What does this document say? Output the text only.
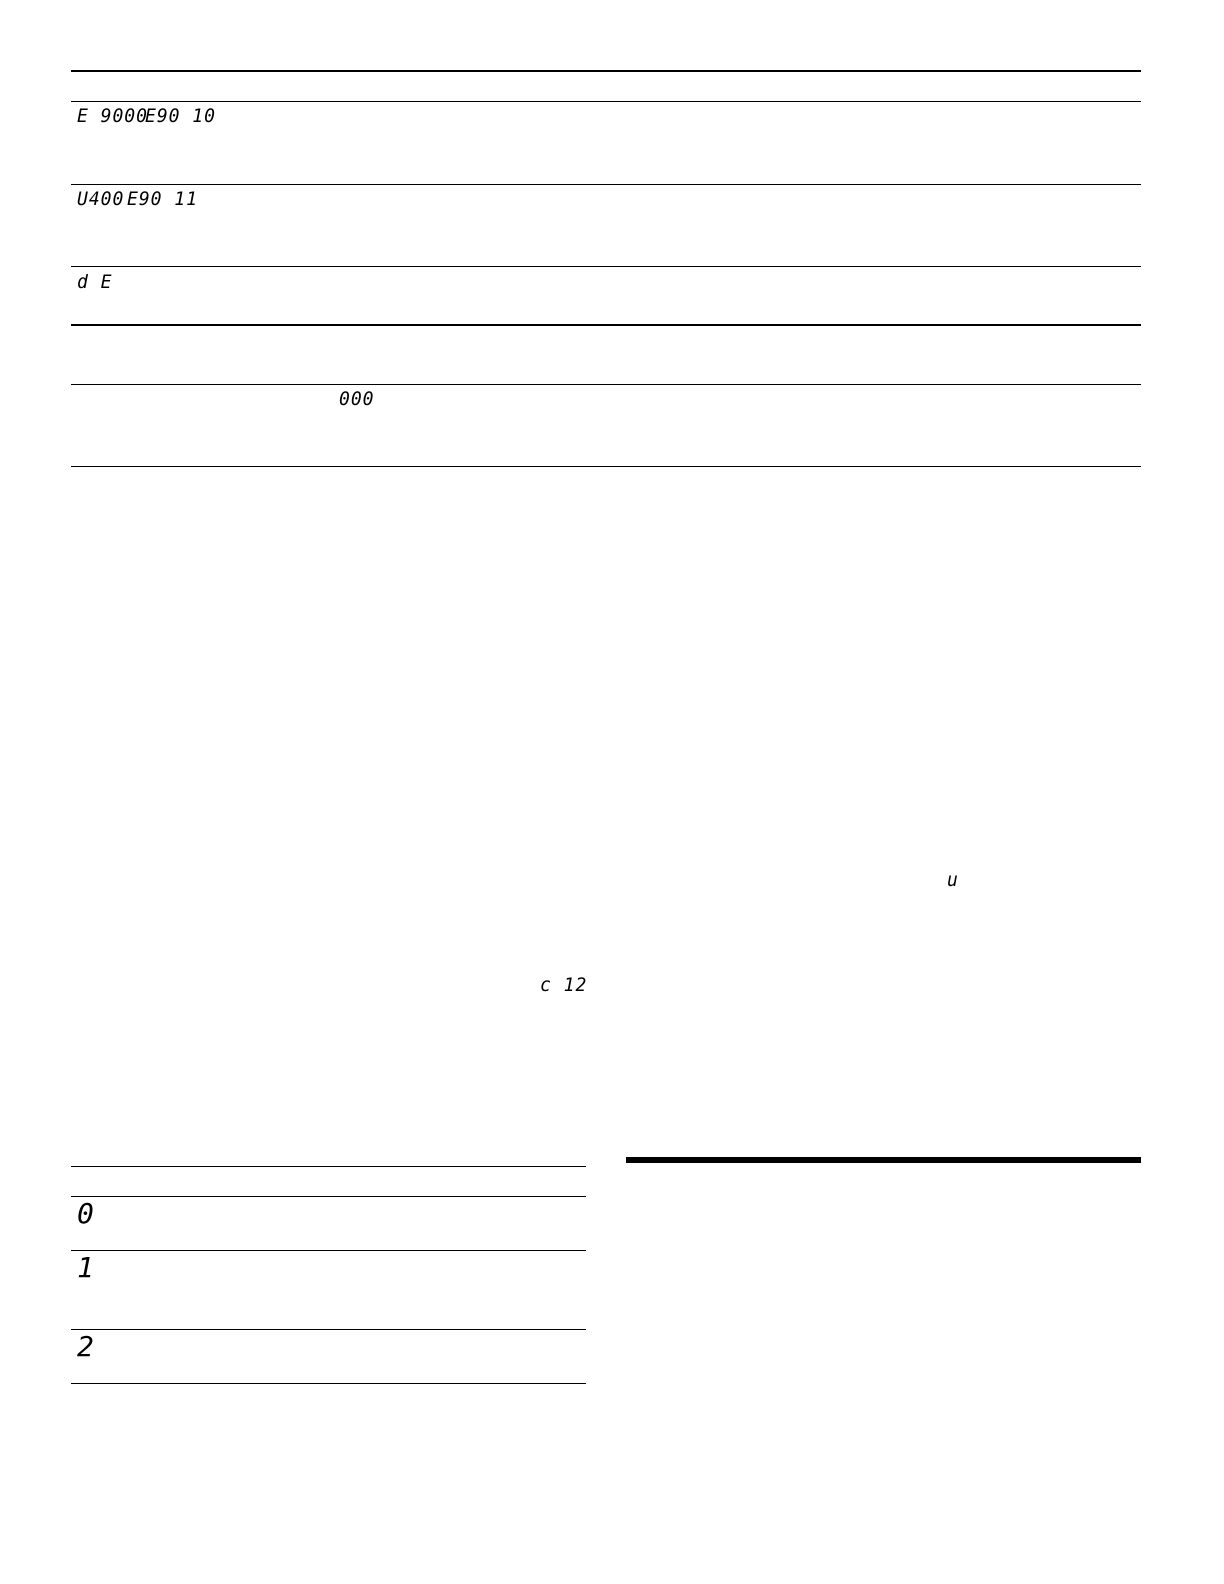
E 9000
E90 10
U400 E90 11
d E
000
u
c 12
0
1
2
